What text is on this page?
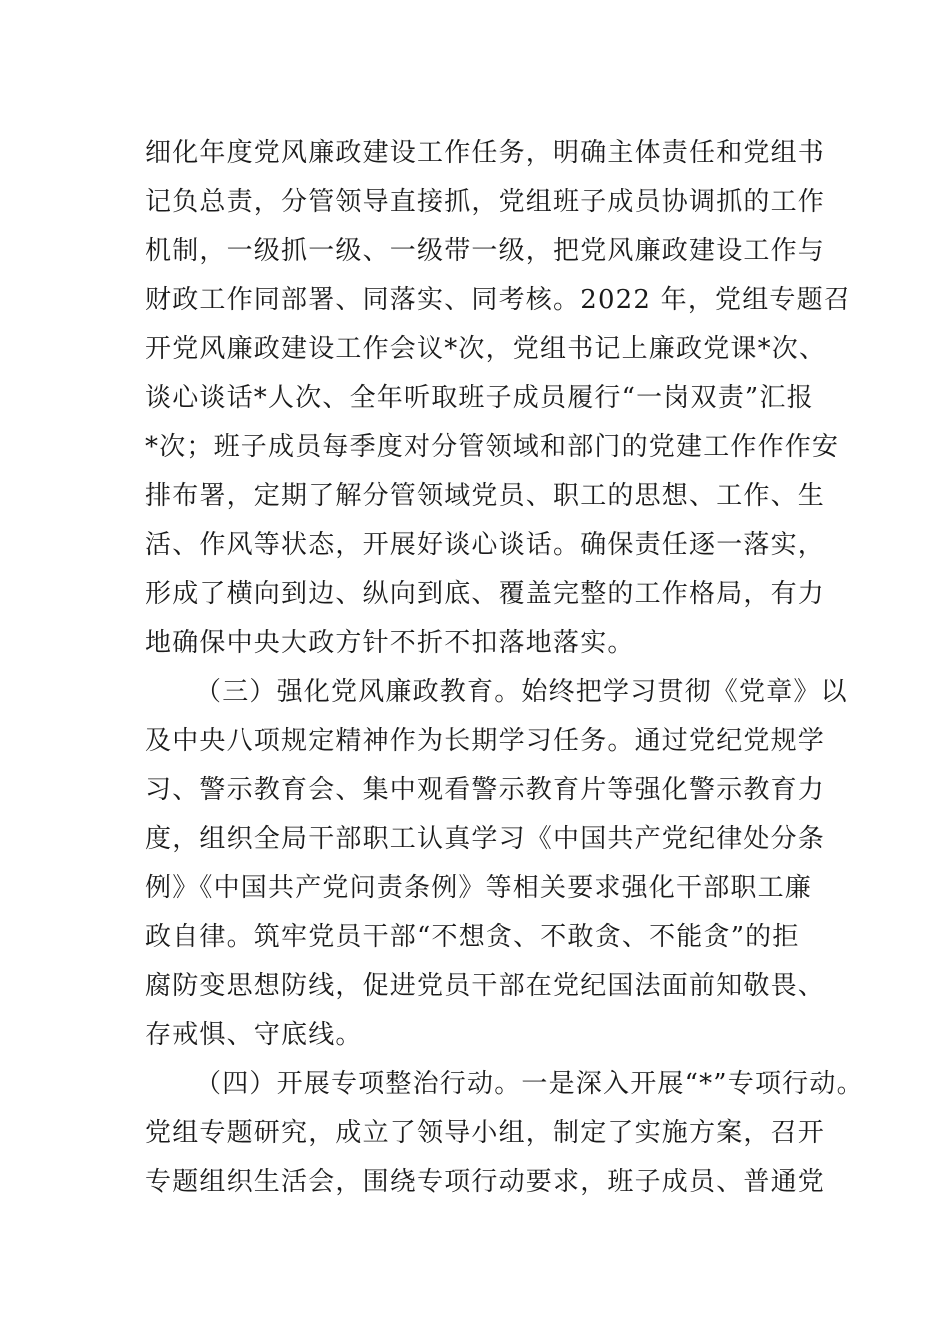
细化年度党风廉政建设工作任务，明确主体责任和党组书
记负总责，分管领导直接抓，党组班子成员协调抓的工作
机制，一级抓一级、一级带一级，把党风廉政建设工作与
财政工作同部署、同落实、同考核。2022 年，党组专题召
开党风廉政建设工作会议*次，党组书记上廉政党课*次、
谈心谈话*人次、全年听取班子成员履行“一岗双责”汇报
*次；班子成员每季度对分管领域和部门的党建工作作作安
排布署，定期了解分管领域党员、职工的思想、工作、生
活、作风等状态，开展好谈心谈话。确保责任逐一落实，
形成了横向到边、纵向到底、覆盖完整的工作格局，有力
地确保中央大政方针不折不扣落地落实。
（三）强化党风廉政教育。始终把学习贯彻《党章》以
及中央八项规定精神作为长期学习任务。通过党纪党规学
习、警示教育会、集中观看警示教育片等强化警示教育力
度，组织全局干部职工认真学习《中国共产党纪律处分条
例》《中国共产党问责条例》等相关要求强化干部职工廉
政自律。筑牢党员干部“不想贪、不敢贪、不能贪”的拒
腐防变思想防线，促进党员干部在党纪国法面前知敬畏、
存戒惧、守底线。
（四）开展专项整治行动。一是深入开展“*”专项行动。
党组专题研究，成立了领导小组，制定了实施方案，召开
专题组织生活会，围绕专项行动要求，班子成员、普通党
